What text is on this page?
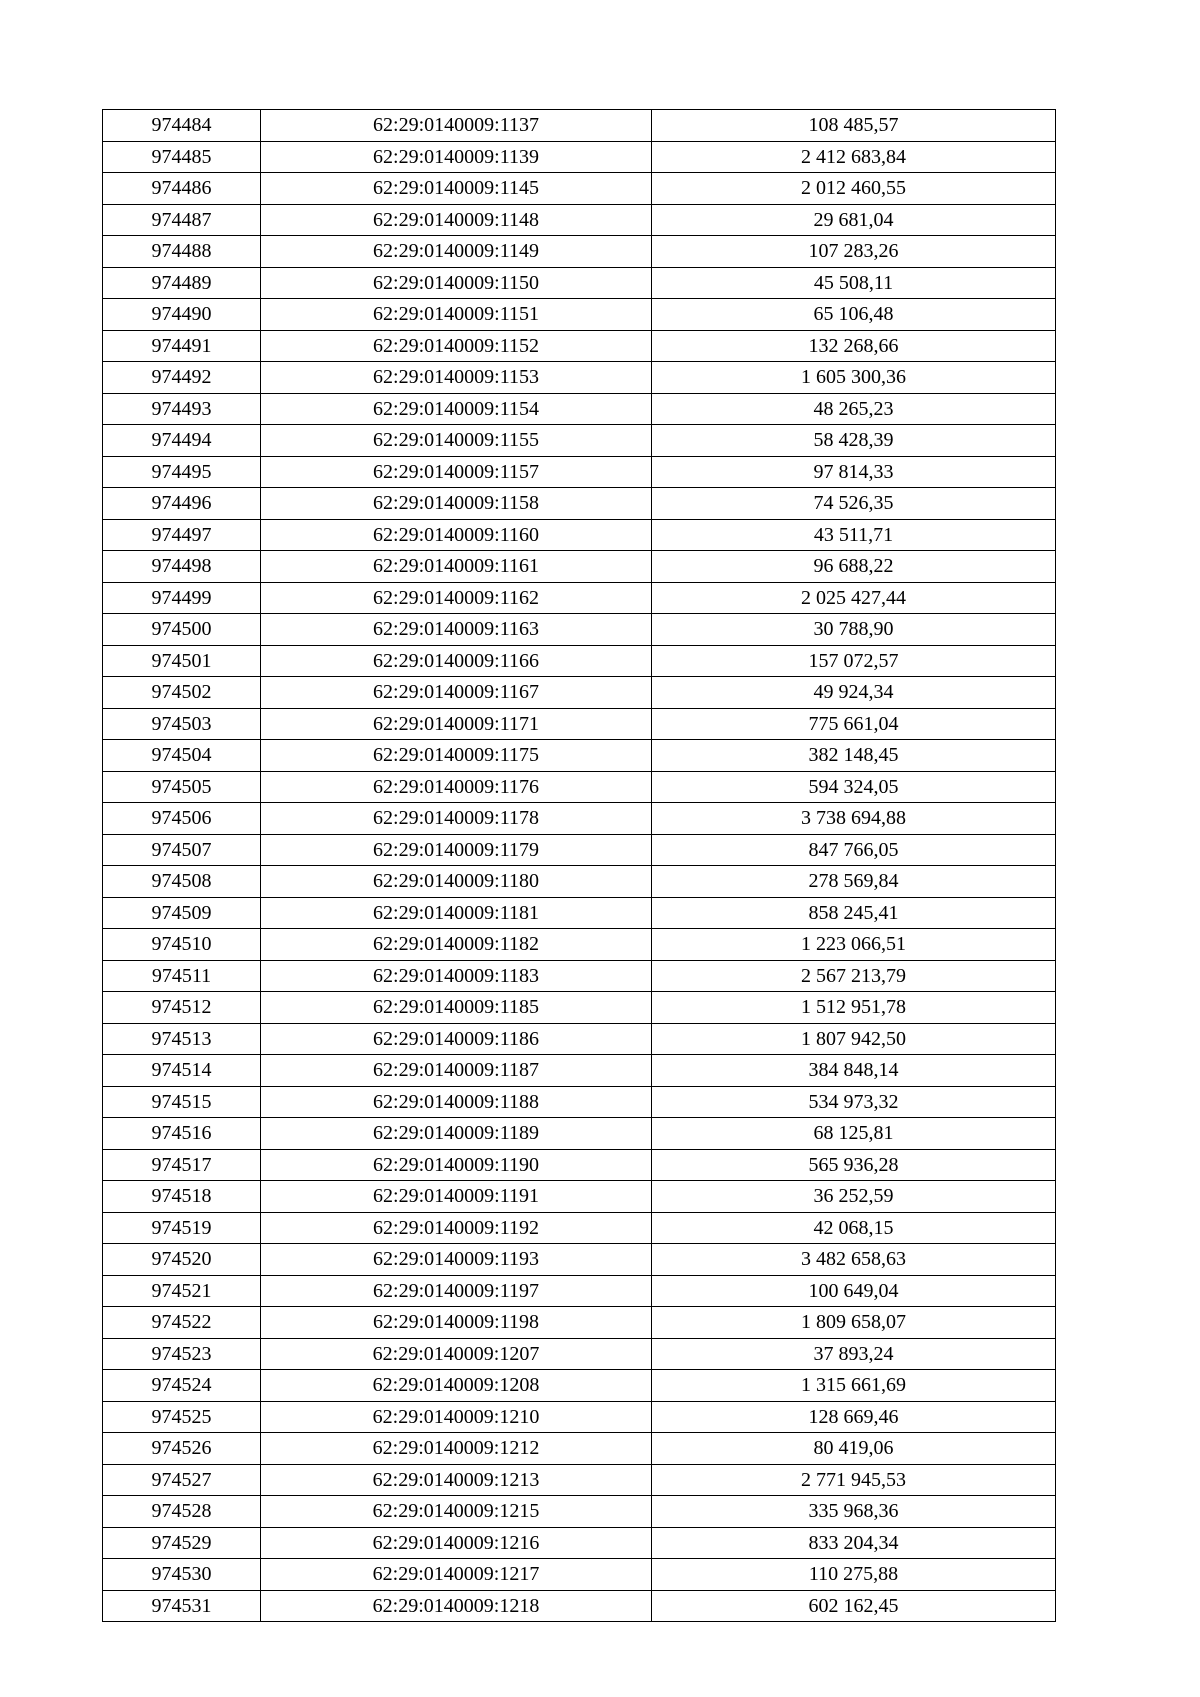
974484	62:29:0140009:1137	108 485,57
974485	62:29:0140009:1139	2 412 683,84
974486	62:29:0140009:1145	2 012 460,55
974487	62:29:0140009:1148	29 681,04
974488	62:29:0140009:1149	107 283,26
974489	62:29:0140009:1150	45 508,11
974490	62:29:0140009:1151	65 106,48
974491	62:29:0140009:1152	132 268,66
974492	62:29:0140009:1153	1 605 300,36
974493	62:29:0140009:1154	48 265,23
974494	62:29:0140009:1155	58 428,39
974495	62:29:0140009:1157	97 814,33
974496	62:29:0140009:1158	74 526,35
974497	62:29:0140009:1160	43 511,71
974498	62:29:0140009:1161	96 688,22
974499	62:29:0140009:1162	2 025 427,44
974500	62:29:0140009:1163	30 788,90
974501	62:29:0140009:1166	157 072,57
974502	62:29:0140009:1167	49 924,34
974503	62:29:0140009:1171	775 661,04
974504	62:29:0140009:1175	382 148,45
974505	62:29:0140009:1176	594 324,05
974506	62:29:0140009:1178	3 738 694,88
974507	62:29:0140009:1179	847 766,05
974508	62:29:0140009:1180	278 569,84
974509	62:29:0140009:1181	858 245,41
974510	62:29:0140009:1182	1 223 066,51
974511	62:29:0140009:1183	2 567 213,79
974512	62:29:0140009:1185	1 512 951,78
974513	62:29:0140009:1186	1 807 942,50
974514	62:29:0140009:1187	384 848,14
974515	62:29:0140009:1188	534 973,32
974516	62:29:0140009:1189	68 125,81
974517	62:29:0140009:1190	565 936,28
974518	62:29:0140009:1191	36 252,59
974519	62:29:0140009:1192	42 068,15
974520	62:29:0140009:1193	3 482 658,63
974521	62:29:0140009:1197	100 649,04
974522	62:29:0140009:1198	1 809 658,07
974523	62:29:0140009:1207	37 893,24
974524	62:29:0140009:1208	1 315 661,69
974525	62:29:0140009:1210	128 669,46
974526	62:29:0140009:1212	80 419,06
974527	62:29:0140009:1213	2 771 945,53
974528	62:29:0140009:1215	335 968,36
974529	62:29:0140009:1216	833 204,34
974530	62:29:0140009:1217	110 275,88
974531	62:29:0140009:1218	602 162,45
